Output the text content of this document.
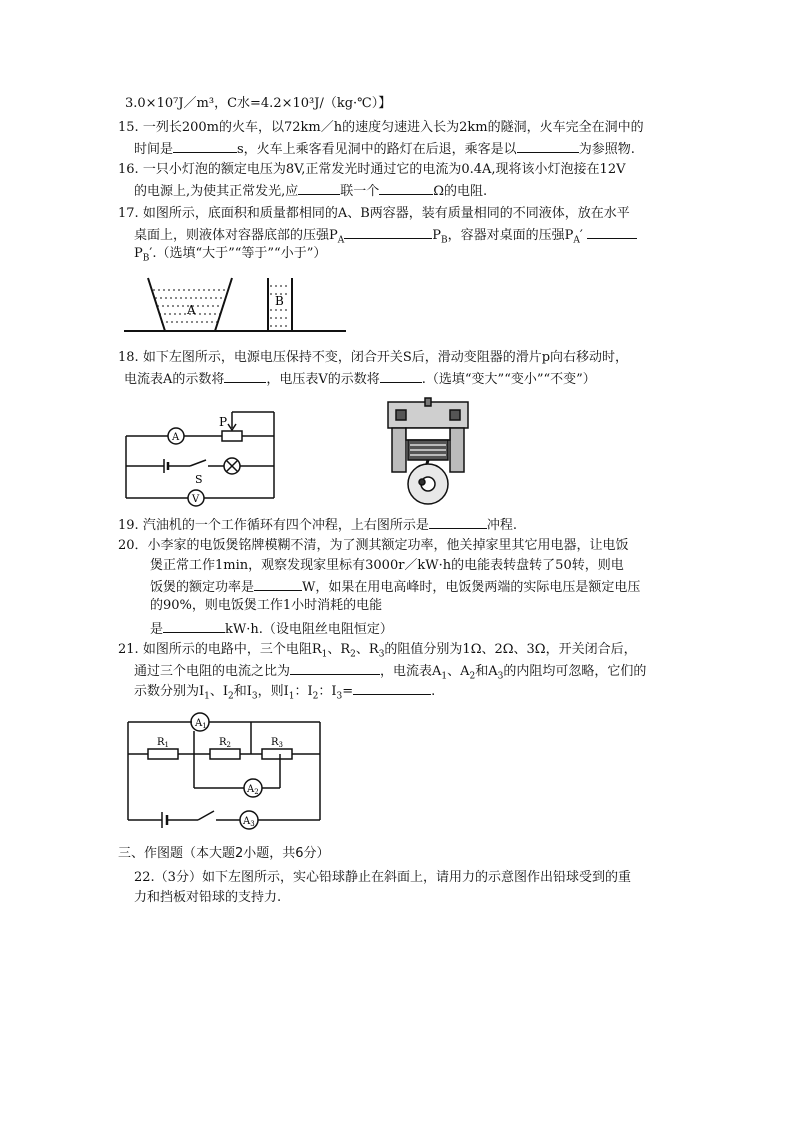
3.0×10⁷J／m³，C水=4.2×10³J/（kg·℃）】
15. 一列长200m的火车，以72km／h的速度匀速进入长为2km的隧洞，火车完全在洞中的
时间是	s，火车上乘客看见洞中的路灯在后退，乘客是以	为参照物.
16. 一只小灯泡的额定电压为8V,正常发光时通过它的电流为0.4A,现将该小灯泡接在12V
的电源上,为使其正常发光,应	联一个	Ω的电阻.
17. 如图所示，底面积和质量都相同的A、B两容器，装有质量相同的不同液体，放在水平
桌面上，则液体对容器底部的压强$P_A$	$P_B$，容器对桌面的压强$P_A'$
$P_B'$.（选填“大于”“等于”“小于”）
A
B
18. 如下左图所示，电源电压保持不变，闭合开关S后，滑动变阻器的滑片p向右移动时，
电流表A的示数将	，电压表V的示数将	.（选填“变大”“变小”“不变”）
A
P
S
V
19. 汽油机的一个工作循环有四个冲程，上右图所示是	冲程.
20．小李家的电饭煲铭牌模糊不清，为了测其额定功率，他关掉家里其它用电器，让电饭
煲正常工作1min，观察发现家里标有3000r／kW·h的电能表转盘转了50转，则电
饭煲的额定功率是	W，如果在用电高峰时，电饭煲两端的实际电压是额定电压
的90%，则电饭煲工作1小时消耗的电能
是	kW·h.（设电阻丝电阻恒定）
21. 如图所示的电路中，三个电阻$R_1$、$R_2$、$R_3$的阻值分别为1Ω、2Ω、3Ω，开关闭合后，
通过三个电阻的电流之比为	，电流表$A_1$、$A_2$和$A_3$的内阻均可忽略，它们的
示数分别为$I_1$、$I_2$和$I_3$，则$I_1$：$I_2$：$I_3=$	.
$A_1$
$A_2$
$A_3$
$R_1$	$R_2$	$R_3$
三、作图题（本大题2小题，共6分）
22.（3分）如下左图所示，实心铅球静止在斜面上，请用力的示意图作出铅球受到的重
力和挡板对铅球的支持力.
